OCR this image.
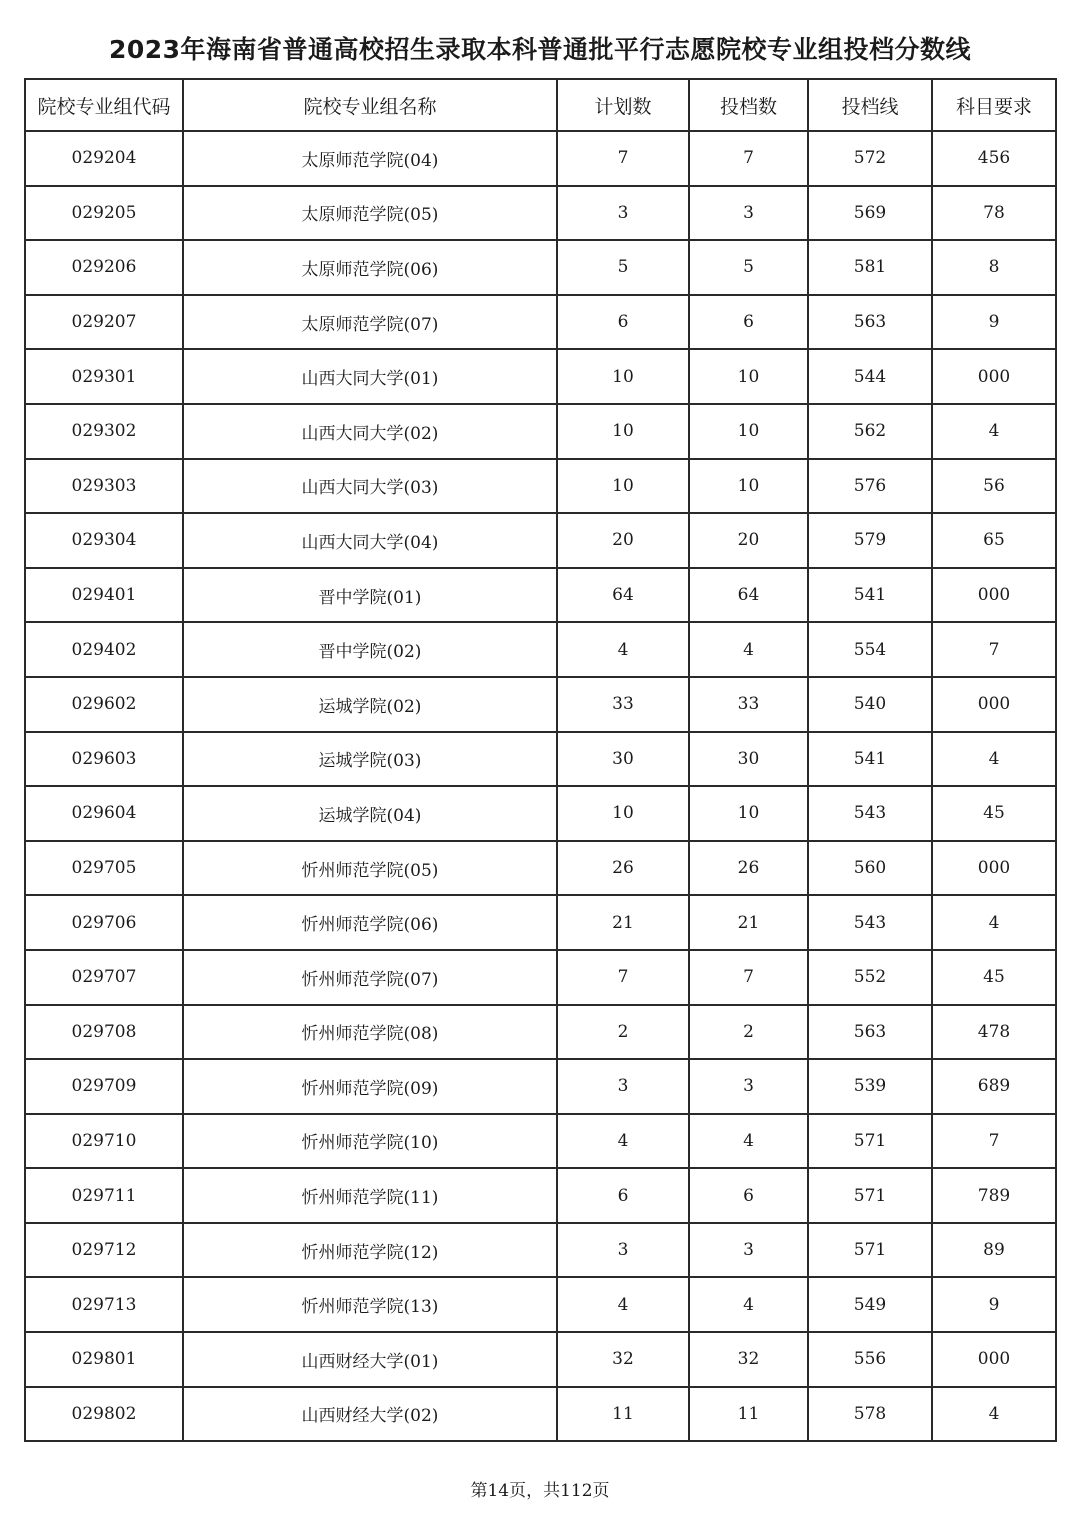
2023年海南省普通高校招生录取本科普通批平行志愿院校专业组投档分数线
院校专业组代码	院校专业组名称	计划数	投档数	投档线	科目要求
029204	太原师范学院(04)	7	7	572	456
029205	太原师范学院(05)	3	3	569	78
029206	太原师范学院(06)	5	5	581	8
029207	太原师范学院(07)	6	6	563	9
029301	山西大同大学(01)	10	10	544	000
029302	山西大同大学(02)	10	10	562	4
029303	山西大同大学(03)	10	10	576	56
029304	山西大同大学(04)	20	20	579	65
029401	晋中学院(01)	64	64	541	000
029402	晋中学院(02)	4	4	554	7
029602	运城学院(02)	33	33	540	000
029603	运城学院(03)	30	30	541	4
029604	运城学院(04)	10	10	543	45
029705	忻州师范学院(05)	26	26	560	000
029706	忻州师范学院(06)	21	21	543	4
029707	忻州师范学院(07)	7	7	552	45
029708	忻州师范学院(08)	2	2	563	478
029709	忻州师范学院(09)	3	3	539	689
029710	忻州师范学院(10)	4	4	571	7
029711	忻州师范学院(11)	6	6	571	789
029712	忻州师范学院(12)	3	3	571	89
029713	忻州师范学院(13)	4	4	549	9
029801	山西财经大学(01)	32	32	556	000
029802	山西财经大学(02)	11	11	578	4
第14页，共112页
